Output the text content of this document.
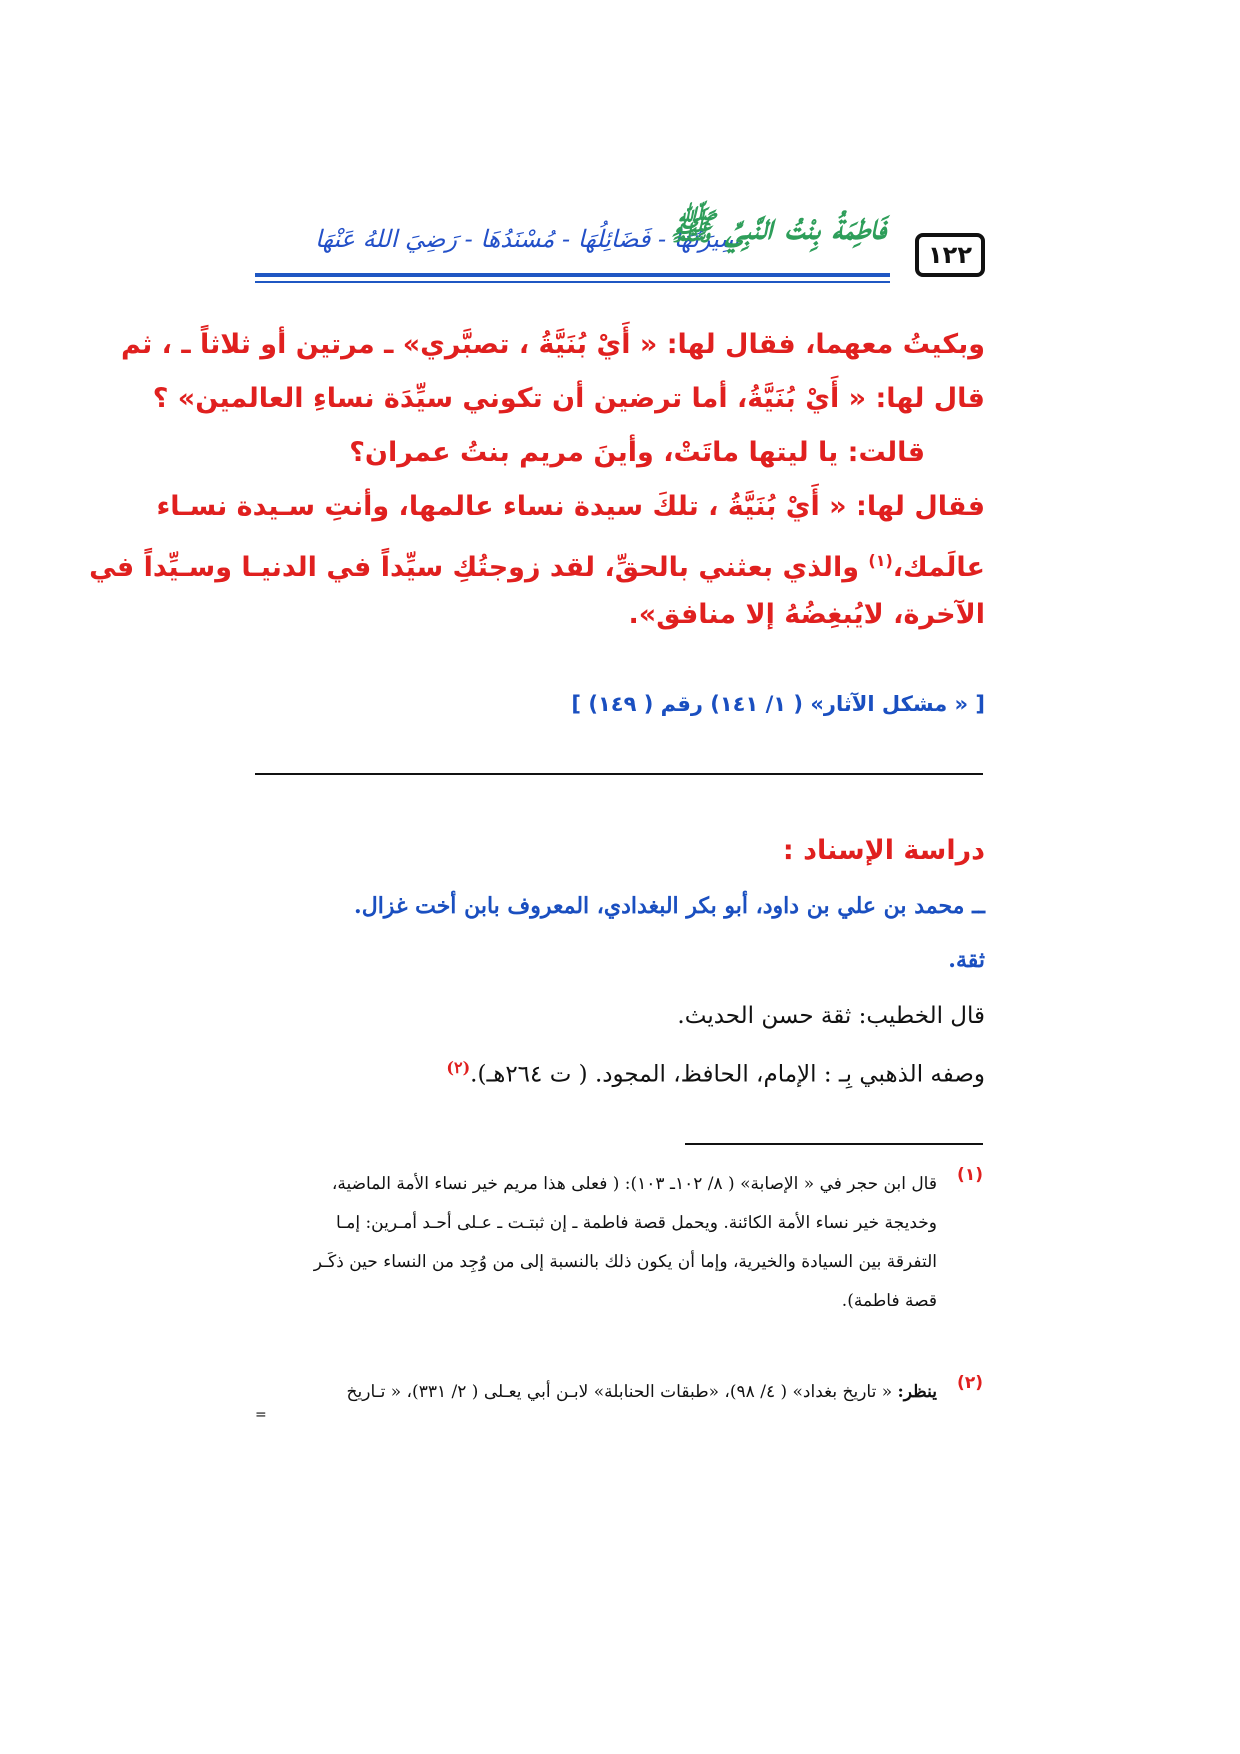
سِيرَتُهَا - فَضَائِلُهَا - مُسْنَدُهَا - رَضِيَ اللهُ عَنْهَا
فَاطِمَةُ بِنْتُ النَّبِيِّ ﷺ
١٢٢
وبكيتُ معهما، فقال لها: « أَيْ بُنَيَّةُ ، تصبَّري» ـ مرتين أو ثلاثاً ـ ، ثم
قال لها: « أَيْ بُنَيَّةُ، أما ترضين أن تكوني سيِّدَة نساءِ العالمين» ؟
قالت: يا ليتها ماتَتْ، وأينَ مريم بنتُ عمران؟
فقال لها: « أَيْ بُنَيَّةُ ، تلكَ سيدة نساء عالمها، وأنتِ سـيدة نسـاء
عالَمك،$^{(١)}$ والذي بعثني بالحقِّ، لقد زوجتُكِ سيِّداً في الدنيـا وسـيِّداً في
الآخرة، لايُبغِضُهُ إلا منافق».
[ « مشكل الآثار» ( ١/ ١٤١) رقم ( ١٤٩) ]
دراسة الإسناد :
ــ محمد بن علي بن داود، أبو بكر البغدادي، المعروف بابن أخت غزال.
ثقة.
قال الخطيب: ثقة حسن الحديث.
وصفه الذهبي بِـ : الإمام، الحافظ، المجود. ( ت ٢٦٤هـ).$^{(٢)}$
(١)
قال ابن حجر في « الإصابة» ( ٨/ ١٠٢ـ ١٠٣): ( فعلى هذا مريم خير نساء الأمة الماضية،
وخديجة خير نساء الأمة الكائنة. ويحمل قصة فاطمة ـ إن ثبتـت ـ عـلى أحـد أمـرين: إمـا
التفرقة بين السيادة والخيرية، وإما أن يكون ذلك بالنسبة إلى من وُجِد من النساء حين ذكَـر
قصة فاطمة).
(٢)
ينظر: « تاريخ بغداد» ( ٤/ ٩٨)، «طبقات الحنابلة» لابـن أبي يعـلى ( ٢/ ٣٣١)، « تـاريخ
=
